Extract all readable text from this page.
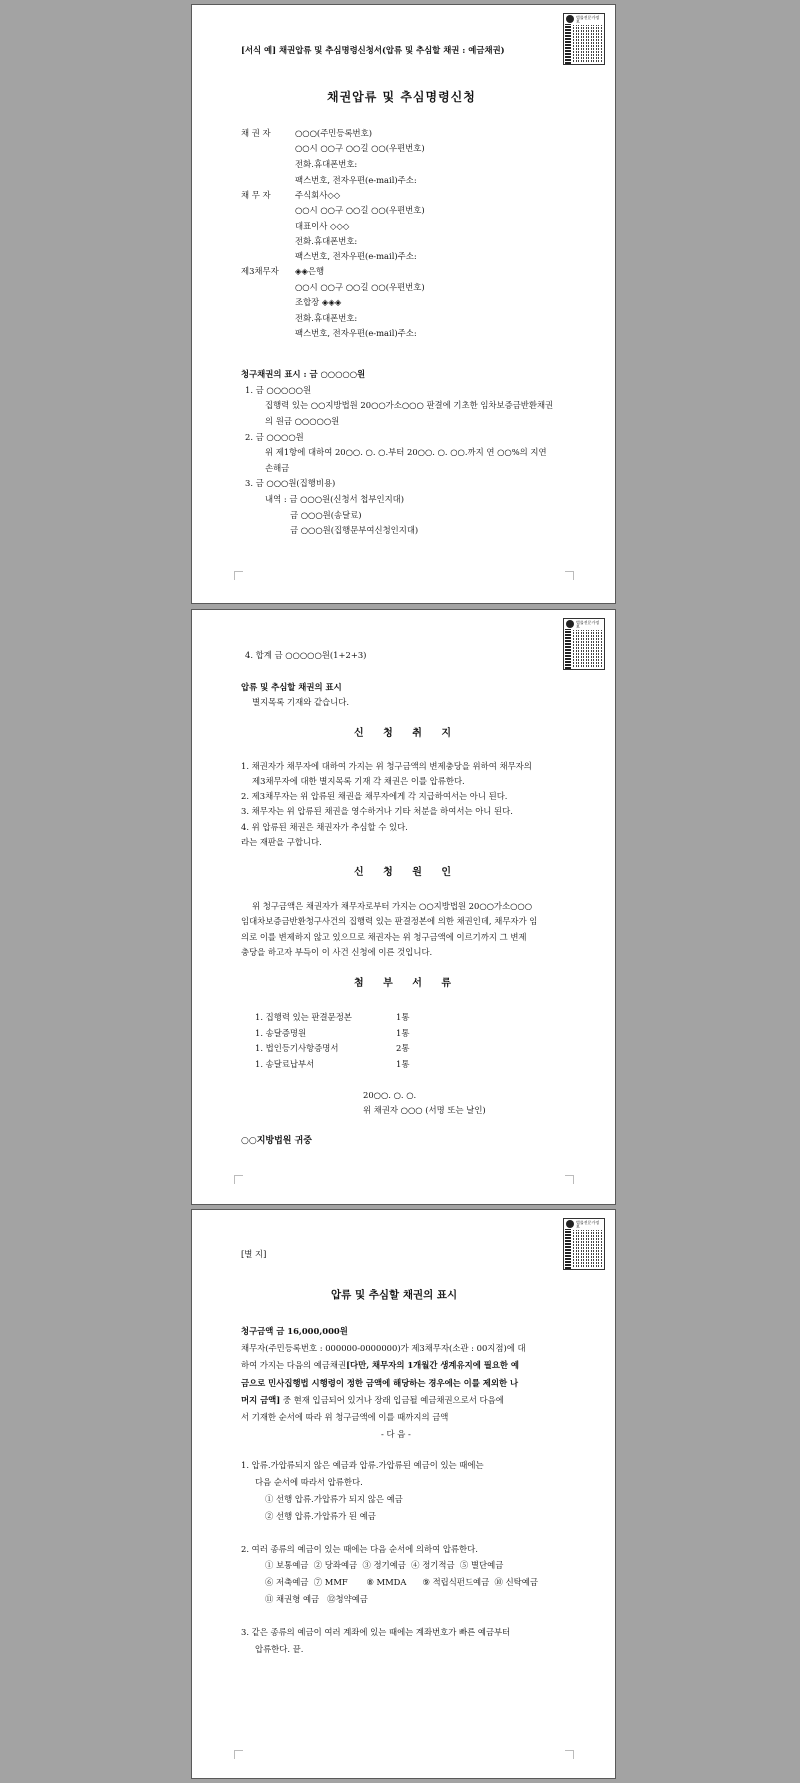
법률전문가정보
[서식 예] 채권압류 및 추심명령신청서(압류 및 추심할 채권 : 예금채권)
채권압류 및 추심명령신청
채 권 자	○○○(주민등록번호)
○○시 ○○구 ○○길 ○○(우편번호)
전화․휴대폰번호:
팩스번호, 전자우편(e-mail)주소:
채 무 자	주식회사◇◇
○○시 ○○구 ○○길 ○○(우편번호)
대표이사 ◇◇◇
전화․휴대폰번호:
팩스번호, 전자우편(e-mail)주소:
제3채무자 ◈◈은행
○○시 ○○구 ○○길 ○○(우편번호)
조합장 ◈◈◈
전화․휴대폰번호:
팩스번호, 전자우편(e-mail)주소:
청구채권의 표시 : 금 ○○○○○원
1. 금 ○○○○○원
집행력 있는 ○○지방법원 20○○가소○○○ 판결에 기초한 임차보증금반환채권
의 원금 ○○○○○원
2. 금 ○○○○원
위 제1항에 대하여 20○○. ○. ○.부터 20○○. ○. ○○.까지 연 ○○%의 지연
손해금
3. 금 ○○○원(집행비용)
내역 : 금 ○○○원(신청서 첩부인지대)
금 ○○○원(송달료)
금 ○○○원(집행문부여신청인지대)
법률전문가정보
4. 합계 금 ○○○○○원(1+2+3)
압류 및 추심할 채권의 표시
별지목록 기재와 같습니다.
신 청 취 지
1. 채권자가 채무자에 대하여 가지는 위 청구금액의 변제충당을 위하여 채무자의
제3채무자에 대한 별지목록 기재 각 채권은 이를 압류한다.
2. 제3채무자는 위 압류된 채권을 채무자에게 각 지급하여서는 아니 된다.
3. 채무자는 위 압류된 채권을 영수하거나 기타 처분을 하여서는 아니 된다.
4. 위 압류된 채권은 채권자가 추심할 수 있다.
라는 재판을 구합니다.
신 청 원 인
위 청구금액은 채권자가 채무자로부터 가지는 ○○지방법원 20○○가소○○○
임대차보증금반환청구사건의 집행력 있는 판결정본에 의한 채권인데, 채무자가 임
의로 이를 변제하지 않고 있으므로 채권자는 위 청구금액에 이르기까지 그 변제
충당을 하고자 부득이 이 사건 신청에 이른 것입니다.
첨 부 서 류
1. 집행력 있는 판결문정본	1통
1. 송달증명원	1통
1. 법인등기사항증명서	2통
1. 송달료납부서	1통
20○○. ○. ○.
위 채권자 ○○○ (서명 또는 날인)
○○지방법원 귀중
법률전문가정보
[별 지]
압류 및 추심할 채권의 표시
청구금액 금 16,000,000원
채무자(주민등록번호 : 000000-0000000)가 제3채무자(소관 : 00지점)에 대
하여 가지는 다음의 예금채권[다만, 채무자의 1개월간 생계유지에 필요한 예
금으로 민사집행법 시행령이 정한 금액에 해당하는 경우에는 이를 제외한 나
머지 금액] 중 현재 입금되어 있거나 장래 입금될 예금채권으로서 다음에
서 기재한 순서에 따라 위 청구금액에 이를 때까지의 금액
- 다 음 -
1. 압류․가압류되지 않은 예금과 압류․가압류된 예금이 있는 때에는
다음 순서에 따라서 압류한다.
① 선행 압류․가압류가 되지 않은 예금
② 선행 압류․가압류가 된 예금
2. 여러 종류의 예금이 있는 때에는 다음 순서에 의하여 압류한다.
① 보통예금  ② 당좌예금  ③ 정기예금  ④ 정기적금  ⑤ 별단예금
⑥ 저축예금  ⑦ MMF       ⑧ MMDA      ⑨ 적립식펀드예금  ⑩ 신탁예금
⑪ 채권형 예금   ⑫청약예금
3. 같은 종류의 예금이 여러 계좌에 있는 때에는 계좌번호가 빠른 예금부터
압류한다. 끝.
